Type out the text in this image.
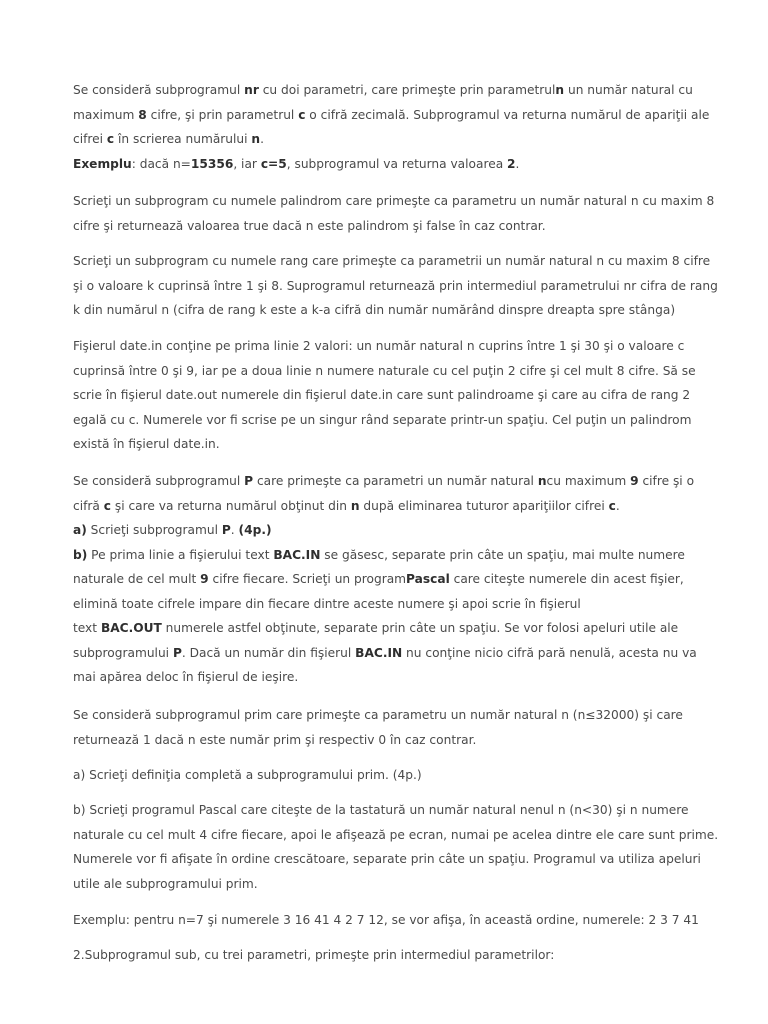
Se consideră subprogramul nr cu doi parametri, care primeşte prin parametruln un număr natural cu
maximum 8 cifre, şi prin parametrul c o cifră zecimală. Subprogramul va returna numărul de apariţii ale
cifrei c în scrierea numărului n.
Exemplu: dacă n=15356, iar c=5, subprogramul va returna valoarea 2.
Scrieţi un subprogram cu numele palindrom care primeşte ca parametru un număr natural n cu maxim 8
cifre şi returnează valoarea true dacă n este palindrom şi false în caz contrar.
Scrieţi un subprogram cu numele rang care primeşte ca parametrii un număr natural n cu maxim 8 cifre
şi o valoare k cuprinsă între 1 şi 8. Suprogramul returnează prin intermediul parametrului nr cifra de rang
k din numărul n (cifra de rang k este a k-a cifră din număr numărând dinspre dreapta spre stânga)
Fişierul date.in conţine pe prima linie 2 valori: un număr natural n cuprins între 1 şi 30 şi o valoare c
cuprinsă între 0 şi 9, iar pe a doua linie n numere naturale cu cel puţin 2 cifre şi cel mult 8 cifre. Să se
scrie în fişierul date.out numerele din fişierul date.in care sunt palindroame şi care au cifra de rang 2
egală cu c. Numerele vor fi scrise pe un singur rând separate printr-un spaţiu. Cel puţin un palindrom
există în fişierul date.in.
Se consideră subprogramul P care primeşte ca parametri un număr natural ncu maximum 9 cifre şi o
cifră c şi care va returna numărul obţinut din n după eliminarea tuturor apariţiilor cifrei c.
a) Scrieţi subprogramul P. (4p.)
b) Pe prima linie a fişierului text BAC.IN se găsesc, separate prin câte un spaţiu, mai multe numere
naturale de cel mult 9 cifre fiecare. Scrieţi un programPascal care citeşte numerele din acest fişier,
elimină toate cifrele impare din fiecare dintre aceste numere şi apoi scrie în fişierul
text BAC.OUT numerele astfel obţinute, separate prin câte un spaţiu. Se vor folosi apeluri utile ale
subprogramului P. Dacă un număr din fişierul BAC.IN nu conţine nicio cifră pară nenulă, acesta nu va
mai apărea deloc în fişierul de ieşire.
Se consideră subprogramul prim care primeşte ca parametru un număr natural n (n≤32000) şi care
returnează 1 dacă n este număr prim şi respectiv 0 în caz contrar.
a) Scrieţi definiţia completă a subprogramului prim. (4p.)
b) Scrieţi programul Pascal care citeşte de la tastatură un număr natural nenul n (n<30) şi n numere
naturale cu cel mult 4 cifre fiecare, apoi le afişează pe ecran, numai pe acelea dintre ele care sunt prime.
Numerele vor fi afişate în ordine crescătoare, separate prin câte un spaţiu. Programul va utiliza apeluri
utile ale subprogramului prim.
Exemplu: pentru n=7 şi numerele 3 16 41 4 2 7 12, se vor afişa, în această ordine, numerele: 2 3 7 41
2.Subprogramul sub, cu trei parametri, primeşte prin intermediul parametrilor:
